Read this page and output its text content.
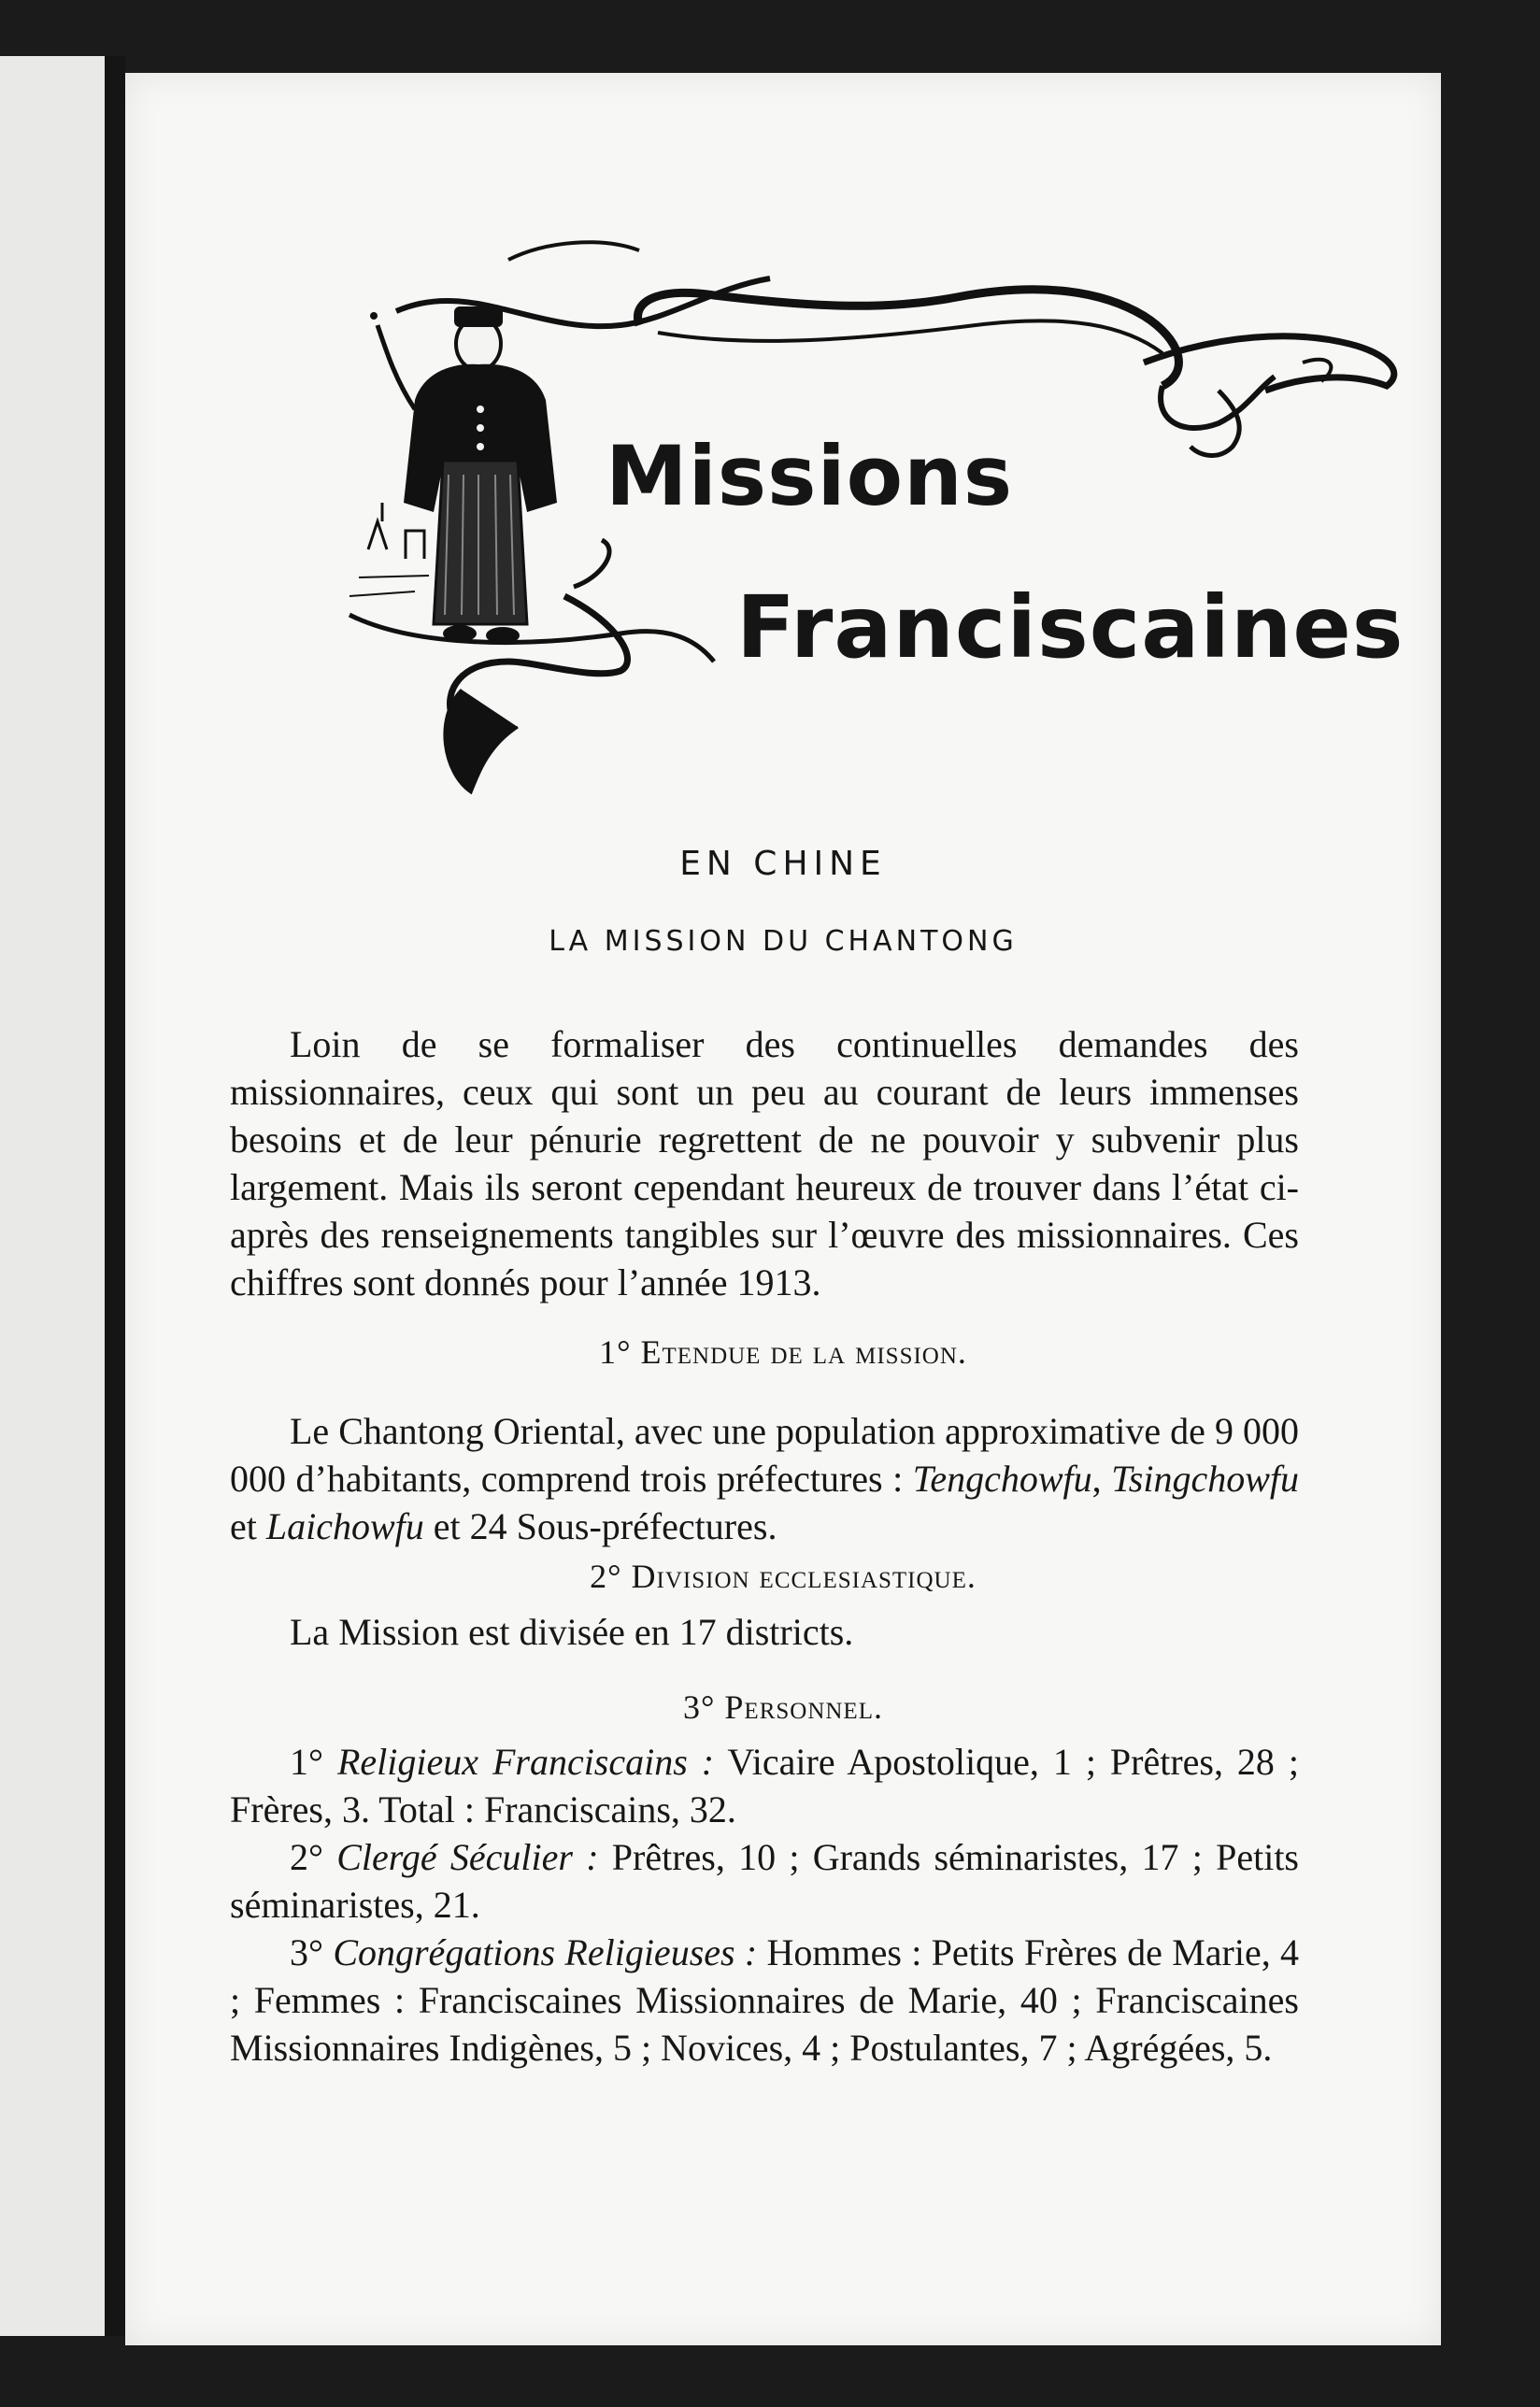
Missions
Franciscaines
EN CHINE
LA MISSION DU CHANTONG

Loin de se formaliser des continuelles demandes des missionnaires, ceux qui sont un peu au courant de leurs immenses besoins et de leur pénurie regrettent de ne pouvoir y subvenir plus largement. Mais ils seront cependant heureux de trouver dans l’état ci-après des renseignements tangibles sur l’œuvre des missionnaires. Ces chiffres sont donnés pour l’année 1913.

1° Etendue de la mission.

Le Chantong Oriental, avec une population approximative de 9 000 000 d’habitants, comprend trois préfectures : Tengchowfu, Tsingchowfu et Laichowfu et 24 Sous-préfectures.

2° Division ecclesiastique.

La Mission est divisée en 17 districts.

3° Personnel.

1° Religieux Franciscains : Vicaire Apostolique, 1 ; Prêtres, 28 ; Frères, 3. Total : Franciscains, 32.

2° Clergé Séculier : Prêtres, 10 ; Grands séminaristes, 17 ; Petits séminaristes, 21.

3° Congrégations Religieuses : Hommes : Petits Frères de Marie, 4 ; Femmes : Franciscaines Missionnaires de Marie, 40 ; Franciscaines Missionnaires Indigènes, 5 ; Novices, 4 ; Postulantes, 7 ; Agrégées, 5.
